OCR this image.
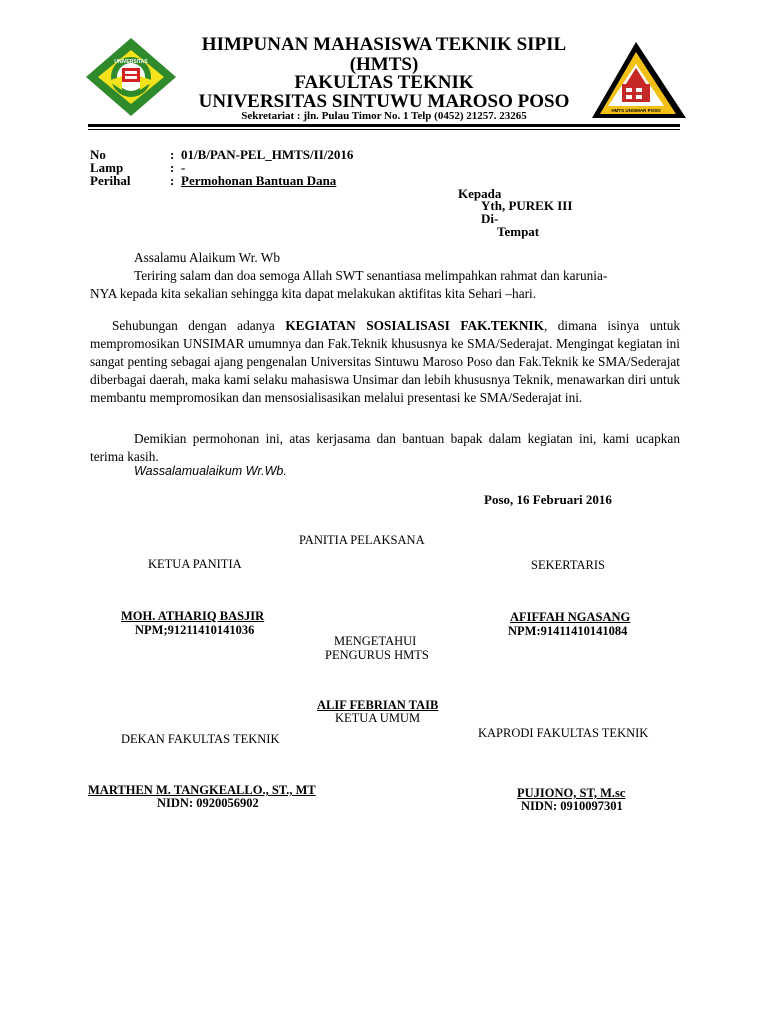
UNIVERSITAS
HMTS UNSIMAR POSO
HIMPUNAN MAHASISWA TEKNIK SIPIL
(HMTS)
FAKULTAS TEKNIK
UNIVERSITAS SINTUWU MAROSO POSO
Sekretariat : jln. Pulau Timor No. 1 Telp (0452) 21257. 23265
No	: 01/B/PAN-PEL_HMTS/II/2016
Lamp	: -
Perihal	: Permohonan Bantuan Dana
Kepada
Yth, PUREK III
Di-
Tempat
Assalamu Alaikum Wr. Wb
Teriring salam dan doa semoga Allah SWT senantiasa melimpahkan rahmat dan karunia-
NYA kepada kita sekalian sehingga kita dapat melakukan aktifitas kita Sehari –hari.
Sehubungan dengan adanya KEGIATAN SOSIALISASI FAK.TEKNIK, dimana isinya untuk mempromosikan UNSIMAR umumnya dan Fak.Teknik khususnya ke SMA/Sederajat. Mengingat kegiatan ini sangat penting sebagai ajang pengenalan Universitas Sintuwu Maroso Poso dan Fak.Teknik ke SMA/Sederajat diberbagai daerah, maka kami selaku mahasiswa Unsimar dan lebih khususnya Teknik, menawarkan diri untuk membantu mempromosikan dan mensosialisasikan melalui presentasi ke SMA/Sederajat ini.
Demikian permohonan ini, atas kerjasama dan bantuan bapak dalam kegiatan ini, kami ucapkan terima kasih.
Wassalamualaikum Wr.Wb.
Poso, 16 Februari 2016
PANITIA PELAKSANA
KETUA PANITIA	SEKERTARIS
MOH. ATHARIQ BASJIR
NPM;91211410141036
AFIFFAH NGASANG
NPM:91411410141084
MENGETAHUI
PENGURUS HMTS
ALIF FEBRIAN TAIB
KETUA UMUM
DEKAN FAKULTAS TEKNIK	KAPRODI FAKULTAS TEKNIK
MARTHEN M. TANGKEALLO., ST., MT
NIDN: 0920056902
PUJIONO, ST, M.sc
NIDN: 0910097301
